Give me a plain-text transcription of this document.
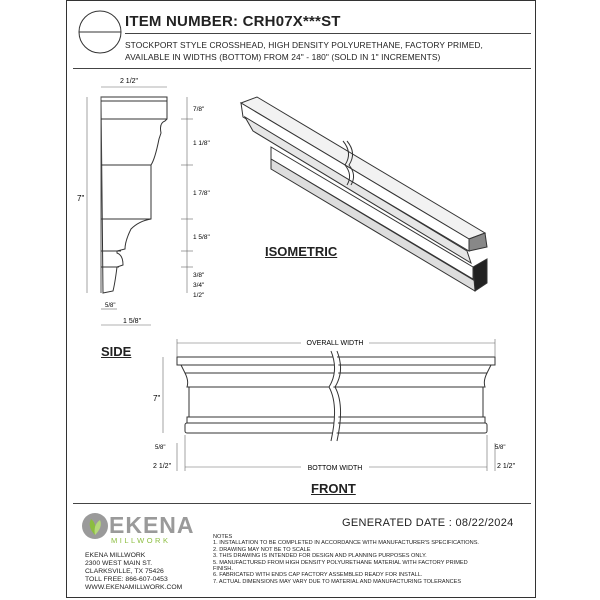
ITEM NUMBER: CRH07X***ST
STOCKPORT STYLE CROSSHEAD, HIGH DENSITY POLYURETHANE, FACTORY PRIMED, AVAILABLE IN WIDTHS (BOTTOM) FROM 24" - 180" (SOLD IN 1" INCREMENTS)
2 1/2"
7"
7/8"
1 1/8"
1 7/8"
1 5/8"
3/8"
3/4"
1/2"
5/8"
1 5/8"
SIDE
ISOMETRIC
OVERALL WIDTH
BOTTOM WIDTH
7"
2 1/2"	2 1/2"
5/8"	5/8"
FRONT
EKENA
MILLWORK
EKENA MILLWORK
2300 WEST MAIN ST.
CLARKSVILLE, TX 75426
TOLL FREE: 866-607-0453
WWW.EKENAMILLWORK.COM
GENERATED DATE : 08/22/2024
NOTES
1. INSTALLATION TO BE COMPLETED IN ACCORDANCE WITH MANUFACTURER'S SPECIFICATIONS.
2. DRAWING MAY NOT BE TO SCALE
3. THIS DRAWING IS INTENDED FOR DESIGN AND PLANNING PURPOSES ONLY.
5. MANUFACTURED FROM HIGH DENSITY POLYURETHANE MATERIAL WITH FACTORY PRIMED
FINISH.
6. FABRICATED WITH ENDS CAP FACTORY ASSEMBLED READY FOR INSTALL.
7. ACTUAL DIMENSIONS MAY VARY DUE TO MATERIAL AND MANUFACTURING TOLERANCES
